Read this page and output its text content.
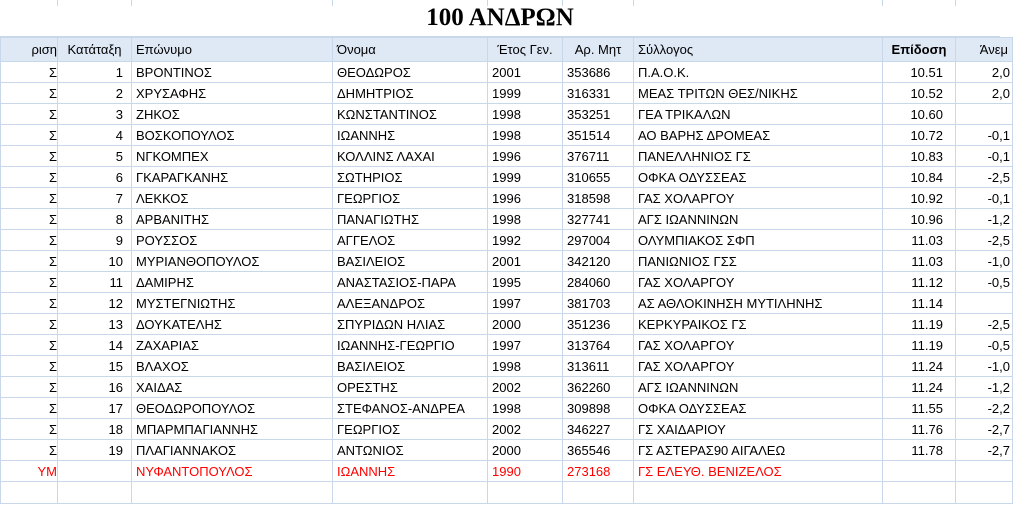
100 ΑΝΔΡΩΝ
ριση	Κατάταξη	Επώνυμο	Όνομα	Έτος Γεν.	Αρ. Μητ	Σύλλογος	Επίδοση	Άνεμ
Σ	1	ΒΡΟΝΤΙΝΟΣ	ΘΕΟΔΩΡΟΣ	2001	353686	Π.Α.Ο.Κ.	10.51	2,0
Σ	2	ΧΡΥΣΑΦΗΣ	ΔΗΜΗΤΡΙΟΣ	1999	316331	ΜΕΑΣ ΤΡΙΤΩΝ ΘΕΣ/ΝΙΚΗΣ	10.52	2,0
Σ	3	ΖΗΚΟΣ	ΚΩΝΣΤΑΝΤΙΝΟΣ	1998	353251	ΓΕΑ ΤΡΙΚΑΛΩΝ	10.60	
Σ	4	ΒΟΣΚΟΠΟΥΛΟΣ	ΙΩΑΝΝΗΣ	1998	351514	ΑΟ ΒΑΡΗΣ ΔΡΟΜΕΑΣ	10.72	-0,1
Σ	5	ΝΓΚΟΜΠΕΧ	ΚΟΛΛΙΝΣ ΛΑΧΑΙ	1996	376711	ΠΑΝΕΛΛΗΝΙΟΣ ΓΣ	10.83	-0,1
Σ	6	ΓΚΑΡΑΓΚΑΝΗΣ	ΣΩΤΗΡΙΟΣ	1999	310655	ΟΦΚΑ ΟΔΥΣΣΕΑΣ	10.84	-2,5
Σ	7	ΛΕΚΚΟΣ	ΓΕΩΡΓΙΟΣ	1996	318598	ΓΑΣ ΧΟΛΑΡΓΟΥ	10.92	-0,1
Σ	8	ΑΡΒΑΝΙΤΗΣ	ΠΑΝΑΓΙΩΤΗΣ	1998	327741	ΑΓΣ ΙΩΑΝΝΙΝΩΝ	10.96	-1,2
Σ	9	ΡΟΥΣΣΟΣ	ΑΓΓΕΛΟΣ	1992	297004	ΟΛΥΜΠΙΑΚΟΣ ΣΦΠ	11.03	-2,5
Σ	10	ΜΥΡΙΑΝΘΟΠΟΥΛΟΣ	ΒΑΣΙΛΕΙΟΣ	2001	342120	ΠΑΝΙΩΝΙΟΣ ΓΣΣ	11.03	-1,0
Σ	11	ΔΑΜΙΡΗΣ	ΑΝΑΣΤΑΣΙΟΣ-ΠΑΡΑ	1995	284060	ΓΑΣ ΧΟΛΑΡΓΟΥ	11.12	-0,5
Σ	12	ΜΥΣΤΕΓΝΙΩΤΗΣ	ΑΛΕΞΑΝΔΡΟΣ	1997	381703	ΑΣ ΑΘΛΟΚΙΝΗΣΗ ΜΥΤΙΛΗΝΗΣ	11.14	
Σ	13	ΔΟΥΚΑΤΕΛΗΣ	ΣΠΥΡΙΔΩΝ ΗΛΙΑΣ	2000	351236	ΚΕΡΚΥΡΑΙΚΟΣ ΓΣ	11.19	-2,5
Σ	14	ΖΑΧΑΡΙΑΣ	ΙΩΑΝΝΗΣ-ΓΕΩΡΓΙΟ	1997	313764	ΓΑΣ ΧΟΛΑΡΓΟΥ	11.19	-0,5
Σ	15	ΒΛΑΧΟΣ	ΒΑΣΙΛΕΙΟΣ	1998	313611	ΓΑΣ ΧΟΛΑΡΓΟΥ	11.24	-1,0
Σ	16	ΧΑΙΔΑΣ	ΟΡΕΣΤΗΣ	2002	362260	ΑΓΣ ΙΩΑΝΝΙΝΩΝ	11.24	-1,2
Σ	17	ΘΕΟΔΩΡΟΠΟΥΛΟΣ	ΣΤΕΦΑΝΟΣ-ΑΝΔΡΕΑ	1998	309898	ΟΦΚΑ ΟΔΥΣΣΕΑΣ	11.55	-2,2
Σ	18	ΜΠΑΡΜΠΑΓΙΑΝΝΗΣ	ΓΕΩΡΓΙΟΣ	2002	346227	ΓΣ ΧΑΙΔΑΡΙΟΥ	11.76	-2,7
Σ	19	ΠΛΑΓΙΑΝΝΑΚΟΣ	ΑΝΤΩΝΙΟΣ	2000	365546	ΓΣ ΑΣΤΕΡΑΣ90 ΑΙΓΑΛΕΩ	11.78	-2,7
ΥΜ		ΝΥΦΑΝΤΟΠΟΥΛΟΣ	ΙΩΑΝΝΗΣ	1990	273168	ΓΣ ΕΛΕΥΘ. ΒΕΝΙΖΕΛΟΣ		
